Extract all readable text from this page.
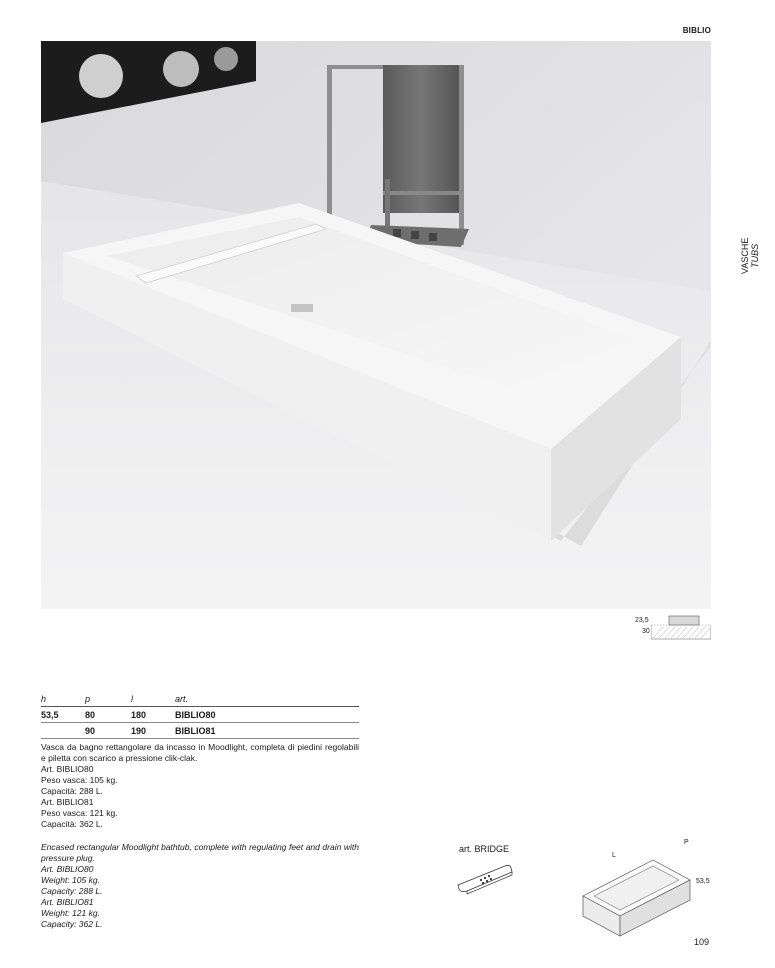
BIBLIO
VASCHE TUBS
23,5
30
h	p	l	art.
53,5	80	180	BIBLIO80
	90	190	BIBLIO81

Vasca da bagno rettangolare da incasso in Moodlight, completa di piedini regolabili e piletta con scarico a pressione clik-clak.

Art. BIBLIO80

Peso vasca: 105 kg.

Capacità: 288 L.

Art. BIBLIO81

Peso vasca: 121 kg.

Capacità: 362 L.

Encased rectangular Moodlight bathtub, complete with regulating feet and drain with pressure plug.

Art. BIBLIO80

Weight: 105 kg.

Capacity: 288 L.

Art. BIBLIO81

Weight: 121 kg.

Capacity: 362 L.

art. BRIDGE
P
L
53,5
109
